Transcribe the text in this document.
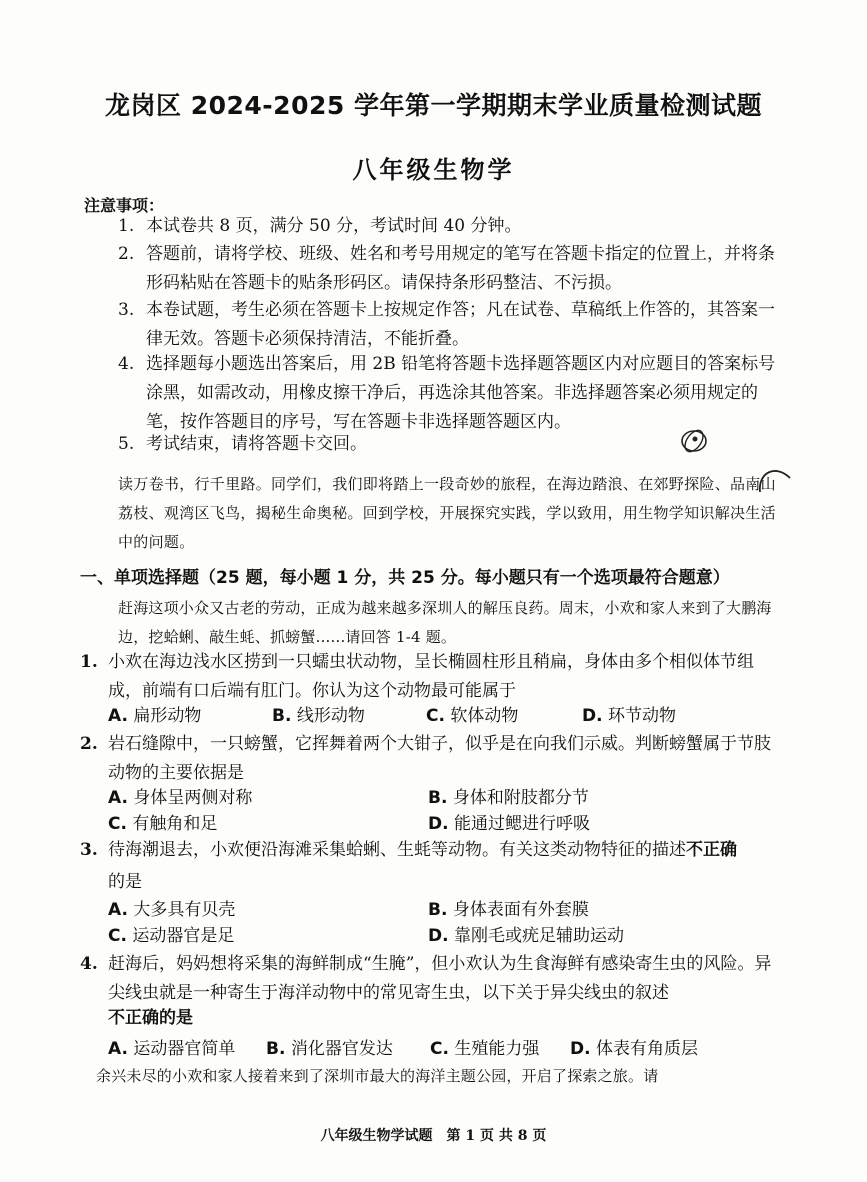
龙岗区 2024-2025 学年第一学期期末学业质量检测试题
八年级生物学
注意事项：
1. 本试卷共 8 页，满分 50 分，考试时间 40 分钟。
2. 答题前，请将学校、班级、姓名和考号用规定的笔写在答题卡指定的位置上，并将条形码粘贴在答题卡的贴条形码区。请保持条形码整洁、不污损。
3. 本卷试题，考生必须在答题卡上按规定作答；凡在试卷、草稿纸上作答的，其答案一律无效。答题卡必须保持清洁，不能折叠。
4. 选择题每小题选出答案后，用 2B 铅笔将答题卡选择题答题区内对应题目的答案标号涂黑，如需改动，用橡皮擦干净后，再选涂其他答案。非选择题答案必须用规定的笔，按作答题目的序号，写在答题卡非选择题答题区内。
5. 考试结束，请将答题卡交回。
读万卷书，行千里路。同学们，我们即将踏上一段奇妙的旅程，在海边踏浪、在郊野探险、品南山荔枝、观湾区飞鸟，揭秘生命奥秘。回到学校，开展探究实践，学以致用，用生物学知识解决生活中的问题。
一、单项选择题（25 题，每小题 1 分，共 25 分。每小题只有一个选项最符合题意）
赶海这项小众又古老的劳动，正成为越来越多深圳人的解压良药。周末，小欢和家人来到了大鹏海边，挖蛤蜊、敲生蚝、抓螃蟹......请回答 1-4 题。
1. 小欢在海边浅水区捞到一只蠕虫状动物，呈长椭圆柱形且稍扁，身体由多个相似体节组成，前端有口后端有肛门。你认为这个动物最可能属于
A. 扁形动物	B. 线形动物	C. 软体动物	D. 环节动物
2. 岩石缝隙中，一只螃蟹，它挥舞着两个大钳子，似乎是在向我们示威。判断螃蟹属于节肢动物的主要依据是
A. 身体呈两侧对称	B. 身体和附肢都分节
C. 有触角和足	D. 能通过鳃进行呼吸
3. 待海潮退去，小欢便沿海滩采集蛤蜊、生蚝等动物。有关这类动物特征的描述不正确
的是
A. 大多具有贝壳	B. 身体表面有外套膜
C. 运动器官是足	D. 靠刚毛或疣足辅助运动
4. 赶海后，妈妈想将采集的海鲜制成“生腌”，但小欢认为生食海鲜有感染寄生虫的风险。异尖线虫就是一种寄生于海洋动物中的常见寄生虫，以下关于异尖线虫的叙述
不正确的是
A. 运动器官简单 B. 消化器官发达 C. 生殖能力强 D. 体表有角质层
余兴未尽的小欢和家人接着来到了深圳市最大的海洋主题公园，开启了探索之旅。请
八年级生物学试题　第 1 页 共 8 页
